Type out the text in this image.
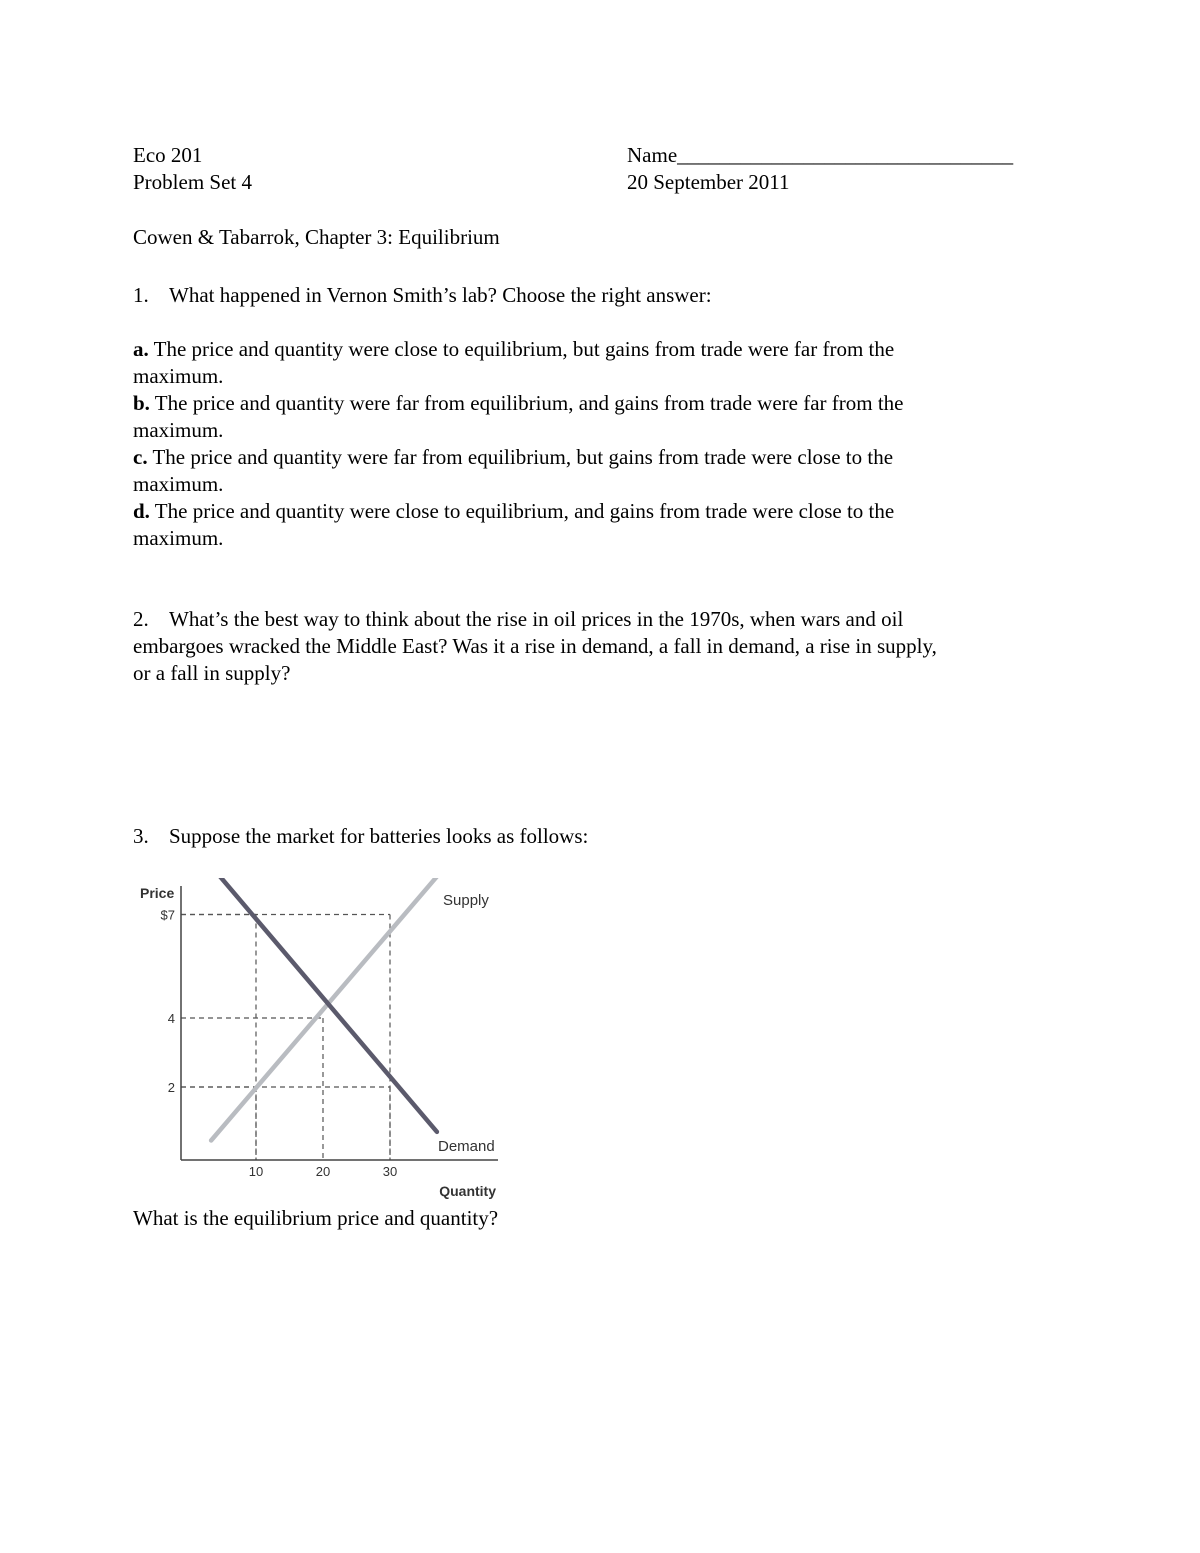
Eco 201
Problem Set 4
Name________________________________
20 September 2011
Cowen & Tabarrok, Chapter 3: Equilibrium
1. What happened in Vernon Smith’s lab? Choose the right answer:
a. The price and quantity were close to equilibrium, but gains from trade were far from the
maximum.
b. The price and quantity were far from equilibrium, and gains from trade were far from the
maximum.
c. The price and quantity were far from equilibrium, but gains from trade were close to the
maximum.
d. The price and quantity were close to equilibrium, and gains from trade were close to the
maximum.
2. What’s the best way to think about the rise in oil prices in the 1970s, when wars and oil
embargoes wracked the Middle East? Was it a rise in demand, a fall in demand, a rise in supply,
or a fall in supply?
3. Suppose the market for batteries looks as follows:
$7
4
2
10	20	30
Price
Quantity
Supply
Demand
What is the equilibrium price and quantity?
